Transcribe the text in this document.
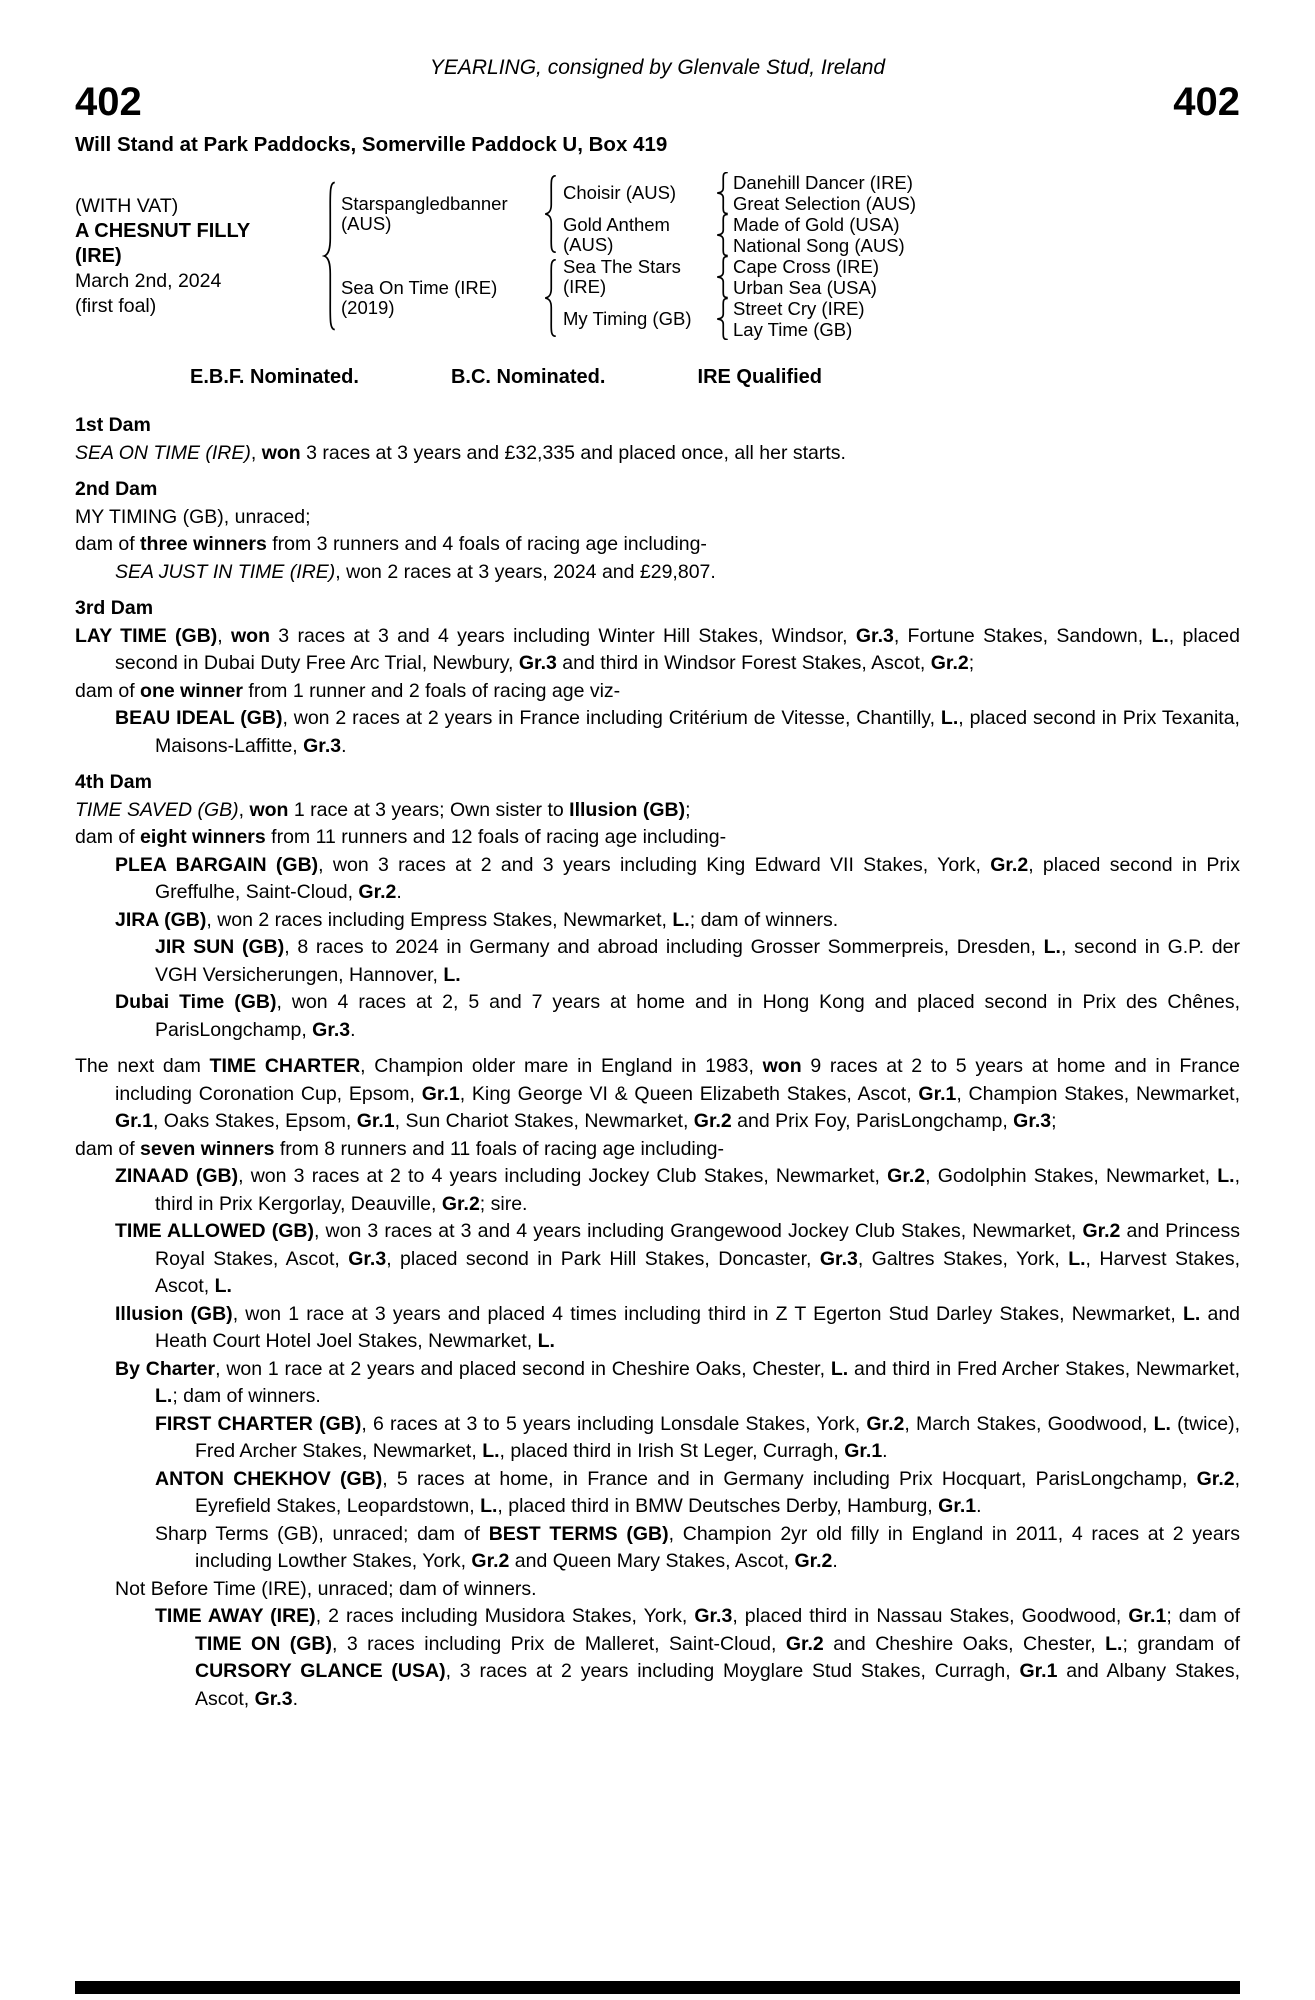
YEARLING, consigned by Glenvale Stud, Ireland
402	402
Will Stand at Park Paddocks, Somerville Paddock U, Box 419
(WITH VAT)
A CHESNUT FILLY
(IRE)
March 2nd, 2024
(first foal)
Starspangledbanner
(AUS)
Sea On Time (IRE)
(2019)
Choisir (AUS)
Gold Anthem
(AUS)
Sea The Stars
(IRE)
My Timing (GB)
Danehill Dancer (IRE)
Great Selection (AUS)
Made of Gold (USA)
National Song (AUS)
Cape Cross (IRE)
Urban Sea (USA)
Street Cry (IRE)
Lay Time (GB)
E.B.F. Nominated.	B.C. Nominated.	IRE Qualified

1st Dam

SEA ON TIME (IRE), won 3 races at 3 years and £32,335 and placed once, all her starts.

2nd Dam

MY TIMING (GB), unraced;

dam of three winners from 3 runners and 4 foals of racing age including-

SEA JUST IN TIME (IRE), won 2 races at 3 years, 2024 and £29,807.

3rd Dam

LAY TIME (GB), won 3 races at 3 and 4 years including Winter Hill Stakes, Windsor, Gr.3, Fortune Stakes, Sandown, L., placed second in Dubai Duty Free Arc Trial, Newbury, Gr.3 and third in Windsor Forest Stakes, Ascot, Gr.2;

dam of one winner from 1 runner and 2 foals of racing age viz-

BEAU IDEAL (GB), won 2 races at 2 years in France including Critérium de Vitesse, Chantilly, L., placed second in Prix Texanita, Maisons-Laffitte, Gr.3.

4th Dam

TIME SAVED (GB), won 1 race at 3 years; Own sister to Illusion (GB);

dam of eight winners from 11 runners and 12 foals of racing age including-

PLEA BARGAIN (GB), won 3 races at 2 and 3 years including King Edward VII Stakes, York, Gr.2, placed second in Prix Greffulhe, Saint-Cloud, Gr.2.

JIRA (GB), won 2 races including Empress Stakes, Newmarket, L.; dam of winners.

JIR SUN (GB), 8 races to 2024 in Germany and abroad including Grosser Sommerpreis, Dresden, L., second in G.P. der VGH Versicherungen, Hannover, L.

Dubai Time (GB), won 4 races at 2, 5 and 7 years at home and in Hong Kong and placed second in Prix des Chênes, ParisLongchamp, Gr.3.

The next dam TIME CHARTER, Champion older mare in England in 1983, won 9 races at 2 to 5 years at home and in France including Coronation Cup, Epsom, Gr.1, King George VI & Queen Elizabeth Stakes, Ascot, Gr.1, Champion Stakes, Newmarket, Gr.1, Oaks Stakes, Epsom, Gr.1, Sun Chariot Stakes, Newmarket, Gr.2 and Prix Foy, ParisLongchamp, Gr.3;

dam of seven winners from 8 runners and 11 foals of racing age including-

ZINAAD (GB), won 3 races at 2 to 4 years including Jockey Club Stakes, Newmarket, Gr.2, Godolphin Stakes, Newmarket, L., third in Prix Kergorlay, Deauville, Gr.2; sire.

TIME ALLOWED (GB), won 3 races at 3 and 4 years including Grangewood Jockey Club Stakes, Newmarket, Gr.2 and Princess Royal Stakes, Ascot, Gr.3, placed second in Park Hill Stakes, Doncaster, Gr.3, Galtres Stakes, York, L., Harvest Stakes, Ascot, L.

Illusion (GB), won 1 race at 3 years and placed 4 times including third in Z T Egerton Stud Darley Stakes, Newmarket, L. and Heath Court Hotel Joel Stakes, Newmarket, L.

By Charter, won 1 race at 2 years and placed second in Cheshire Oaks, Chester, L. and third in Fred Archer Stakes, Newmarket, L.; dam of winners.

FIRST CHARTER (GB), 6 races at 3 to 5 years including Lonsdale Stakes, York, Gr.2, March Stakes, Goodwood, L. (twice), Fred Archer Stakes, Newmarket, L., placed third in Irish St Leger, Curragh, Gr.1.

ANTON CHEKHOV (GB), 5 races at home, in France and in Germany including Prix Hocquart, ParisLongchamp, Gr.2, Eyrefield Stakes, Leopardstown, L., placed third in BMW Deutsches Derby, Hamburg, Gr.1.

Sharp Terms (GB), unraced; dam of BEST TERMS (GB), Champion 2yr old filly in England in 2011, 4 races at 2 years including Lowther Stakes, York, Gr.2 and Queen Mary Stakes, Ascot, Gr.2.

Not Before Time (IRE), unraced; dam of winners.

TIME AWAY (IRE), 2 races including Musidora Stakes, York, Gr.3, placed third in Nassau Stakes, Goodwood, Gr.1; dam of TIME ON (GB), 3 races including Prix de Malleret, Saint-Cloud, Gr.2 and Cheshire Oaks, Chester, L.; grandam of CURSORY GLANCE (USA), 3 races at 2 years including Moyglare Stud Stakes, Curragh, Gr.1 and Albany Stakes, Ascot, Gr.3.
